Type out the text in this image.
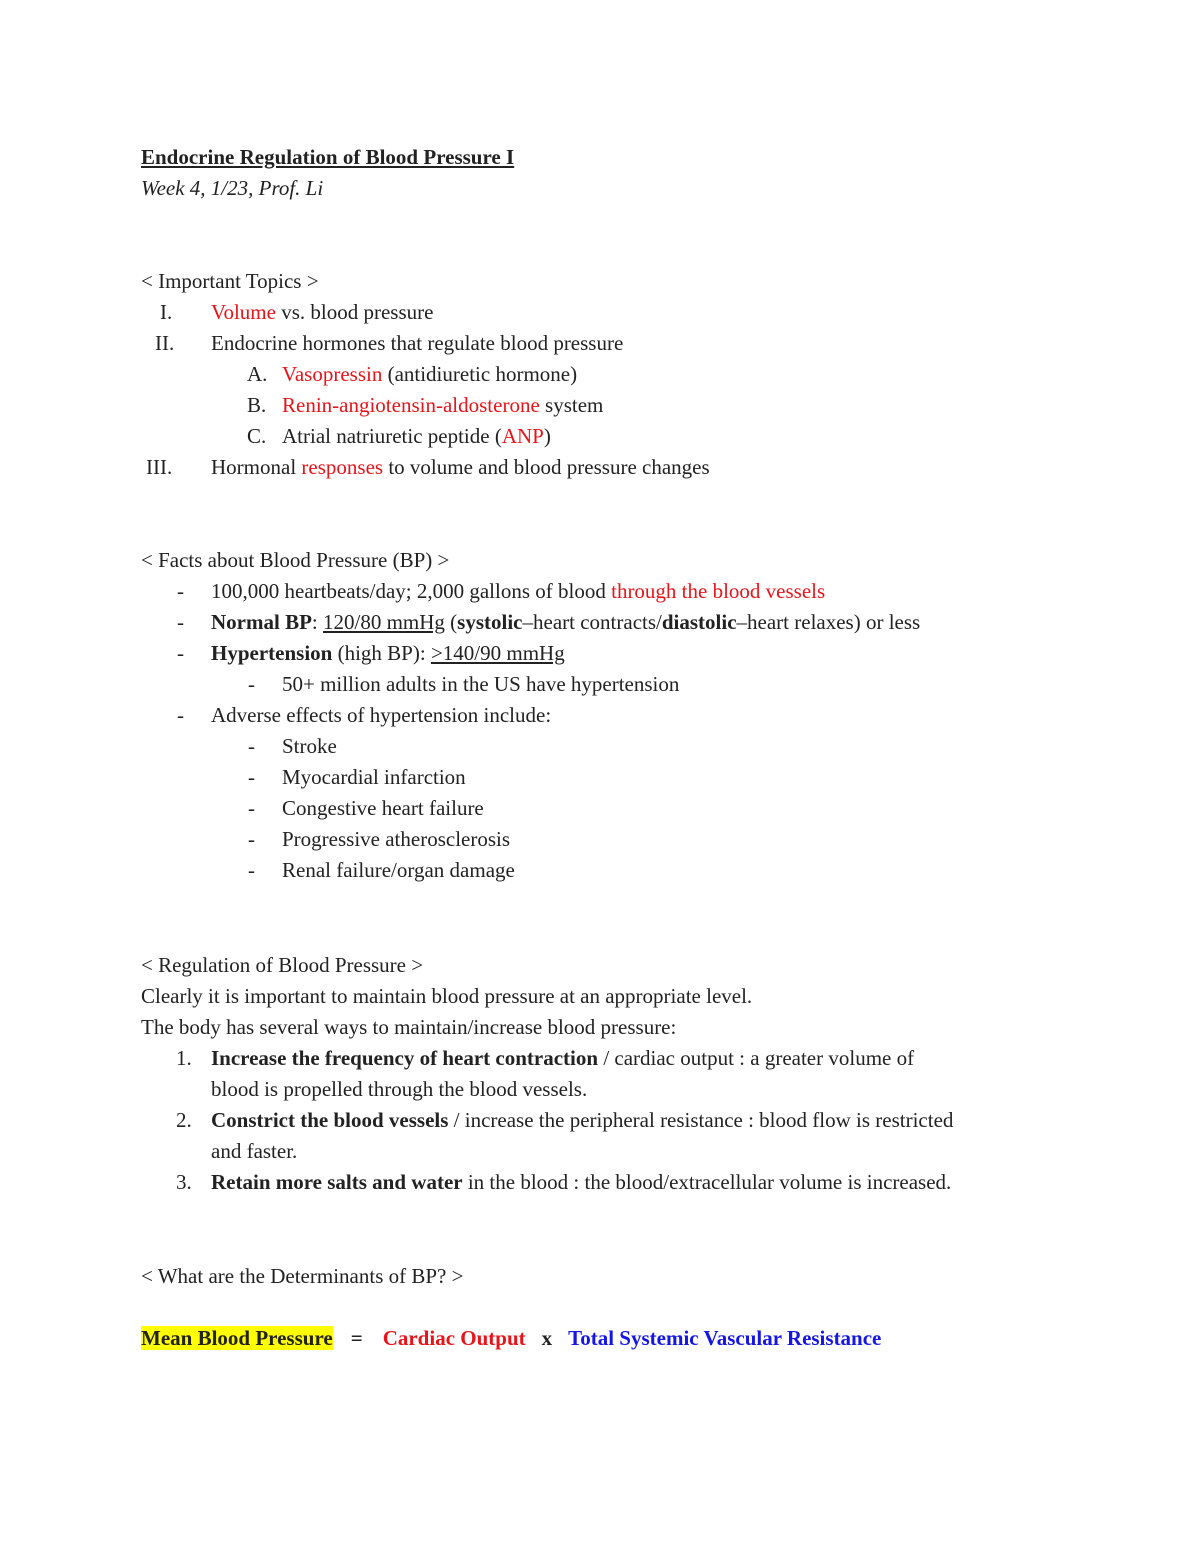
Endocrine Regulation of Blood Pressure I
Week 4, 1/23, Prof. Li
< Important Topics >
I. Volume vs. blood pressure
II. Endocrine hormones that regulate blood pressure
A. Vasopressin (antidiuretic hormone)
B. Renin-angiotensin-aldosterone system
C. Atrial natriuretic peptide (ANP)
III. Hormonal responses to volume and blood pressure changes
< Facts about Blood Pressure (BP) >
- 100,000 heartbeats/day; 2,000 gallons of blood through the blood vessels
- Normal BP: 120/80 mmHg (systolic–heart contracts/diastolic–heart relaxes) or less
- Hypertension (high BP): >140/90 mmHg
- 50+ million adults in the US have hypertension
- Adverse effects of hypertension include:
- Stroke
- Myocardial infarction
- Congestive heart failure
- Progressive atherosclerosis
- Renal failure/organ damage
< Regulation of Blood Pressure >
Clearly it is important to maintain blood pressure at an appropriate level.
The body has several ways to maintain/increase blood pressure:
1. Increase the frequency of heart contraction / cardiac output : a greater volume of
blood is propelled through the blood vessels.
2. Constrict the blood vessels / increase the peripheral resistance : blood flow is restricted
and faster.
3. Retain more salts and water in the blood : the blood/extracellular volume is increased.
< What are the Determinants of BP? >
Mean Blood Pressure = Cardiac Output x Total Systemic Vascular Resistance
